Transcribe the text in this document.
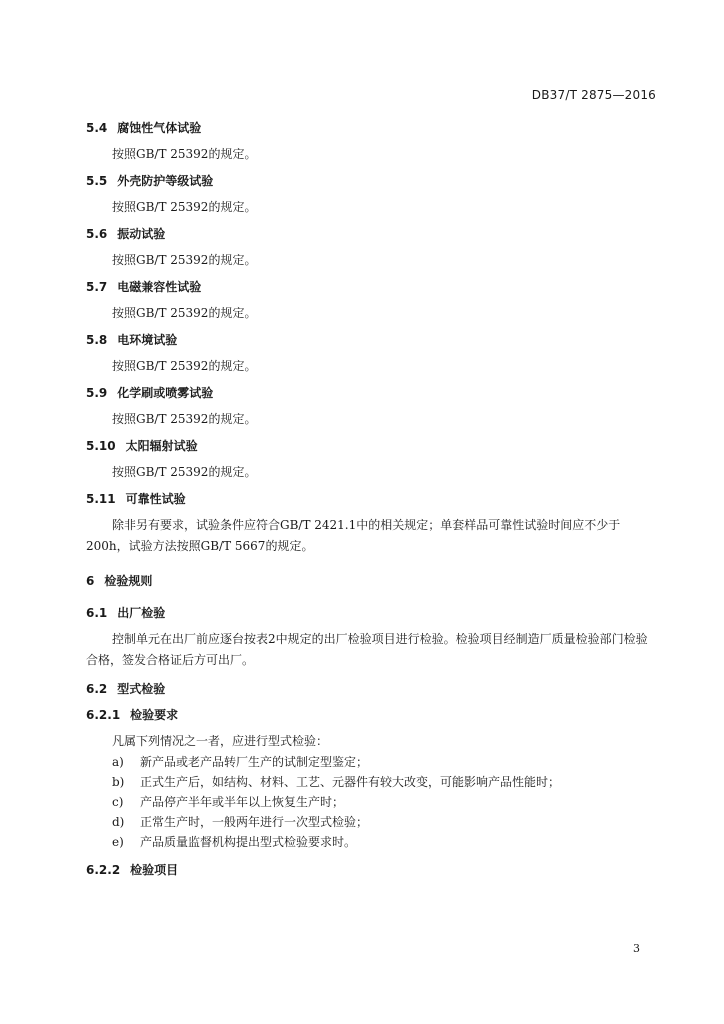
DB37/T 2875—2016

5.4 腐蚀性气体试验

按照GB/T 25392的规定。

5.5 外壳防护等级试验

按照GB/T 25392的规定。

5.6 振动试验

按照GB/T 25392的规定。

5.7 电磁兼容性试验

按照GB/T 25392的规定。

5.8 电环境试验

按照GB/T 25392的规定。

5.9 化学刷或喷雾试验

按照GB/T 25392的规定。

5.10 太阳辐射试验

按照GB/T 25392的规定。

5.11 可靠性试验

除非另有要求，试验条件应符合GB/T 2421.1中的相关规定；单套样品可靠性试验时间应不少于200h，试验方法按照GB/T 5667的规定。

6 检验规则

6.1 出厂检验

控制单元在出厂前应逐台按表2中规定的出厂检验项目进行检验。检验项目经制造厂质量检验部门检验合格，签发合格证后方可出厂。

6.2 型式检验

6.2.1 检验要求

凡属下列情况之一者，应进行型式检验：

a) 新产品或老产品转厂生产的试制定型鉴定；

b) 正式生产后，如结构、材料、工艺、元器件有较大改变，可能影响产品性能时；

c) 产品停产半年或半年以上恢复生产时；

d) 正常生产时，一般两年进行一次型式检验；

e) 产品质量监督机构提出型式检验要求时。

6.2.2 检验项目

3
